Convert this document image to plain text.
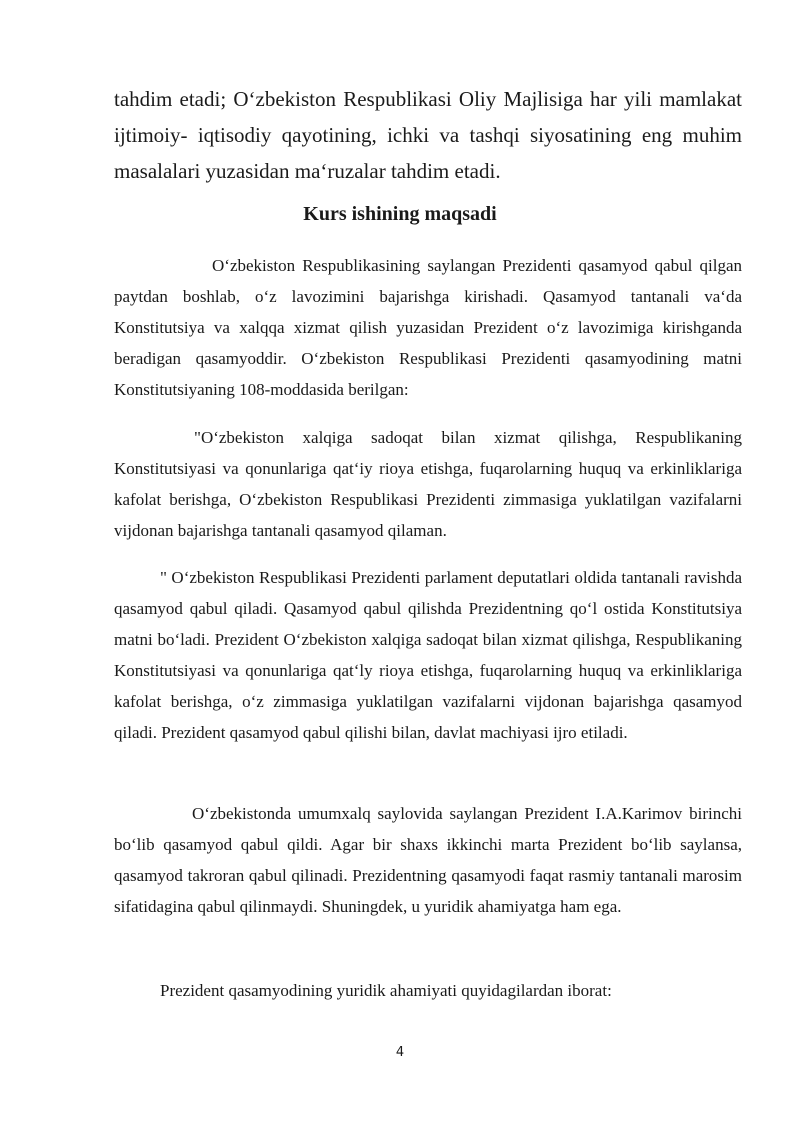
tahdim etadi; O‘zbekiston Respublikasi Oliy Majlisiga har yili mamlakat ijtimoiy- iqtisodiy qayotining, ichki va tashqi siyosatining eng muhim masalalari yuzasidan ma‘ruzalar tahdim etadi.

Kurs ishining maqsadi

O‘zbekiston Respublikasining saylangan Prezidenti qasamyod qabul qilgan paytdan boshlab, o‘z lavozimini bajarishga kirishadi. Qasamyod tantanali va‘da Konstitutsiya va xalqqa xizmat qilish yuzasidan Prezident o‘z lavozimiga kirishganda beradigan qasamyoddir. O‘zbekiston Respublikasi Prezidenti qasamyodining matni Konstitutsiyaning 108-moddasida berilgan:

"O‘zbekiston xalqiga sadoqat bilan xizmat qilishga, Respublikaning Konstitutsiyasi va qonunlariga qat‘iy rioya etishga, fuqarolarning huquq va erkinliklariga kafolat berishga, O‘zbekiston Respublikasi Prezidenti zimmasiga yuklatilgan vazifalarni vijdonan bajarishga tantanali qasamyod qilaman.

" O‘zbekiston Respublikasi Prezidenti parlament deputatlari oldida tantanali ravishda qasamyod qabul qiladi. Qasamyod qabul qilishda Prezidentning qo‘l ostida Konstitutsiya matni bo‘ladi. Prezident O‘zbekiston xalqiga sadoqat bilan xizmat qilishga, Respublikaning Konstitutsiyasi va qonunlariga qat‘ly rioya etishga, fuqarolarning huquq va erkinliklariga kafolat berishga, o‘z zimmasiga yuklatilgan vazifalarni vijdonan bajarishga qasamyod qiladi. Prezident qasamyod qabul qilishi bilan, davlat machiyasi ijro etiladi.

O‘zbekistonda umumxalq saylovida saylangan Prezident I.A.Karimov birinchi bo‘lib qasamyod qabul qildi. Agar bir shaxs ikkinchi marta Prezident bo‘lib saylansa, qasamyod takroran qabul qilinadi. Prezidentning qasamyodi faqat rasmiy tantanali marosim sifatidagina qabul qilinmaydi. Shuningdek, u yuridik ahamiyatga ham ega.

Prezident qasamyodining yuridik ahamiyati quyidagilardan iborat:

4
